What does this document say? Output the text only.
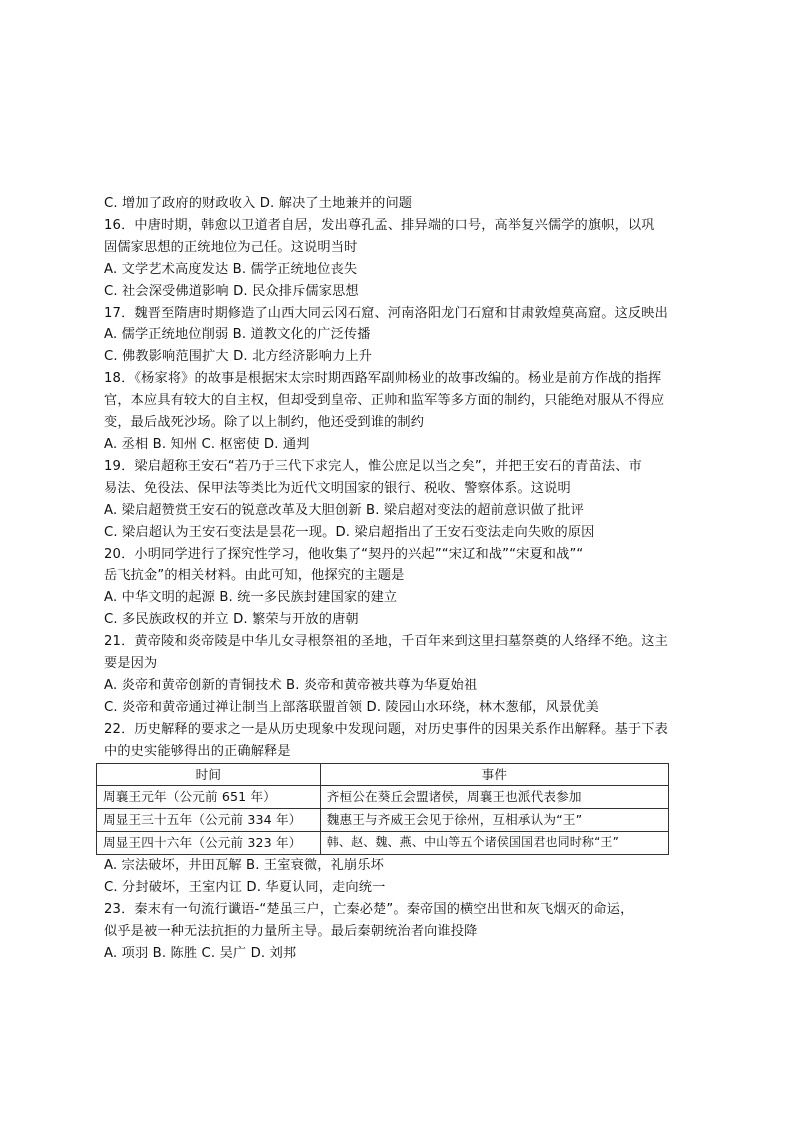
C. 增加了政府的财政收入 D. 解决了土地兼并的问题
16．中唐时期，韩愈以卫道者自居，发出尊孔孟、排异端的口号，高举复兴儒学的旗帜，以巩
固儒家思想的正统地位为己任。这说明当时
A. 文学艺术高度发达 B. 儒学正统地位丧失
C. 社会深受佛道影响 D. 民众排斥儒家思想
17．魏晋至隋唐时期修造了山西大同云冈石窟、河南洛阳龙门石窟和甘肃敦煌莫高窟。这反映出
A. 儒学正统地位削弱 B. 道教文化的广泛传播
C. 佛教影响范围扩大 D. 北方经济影响力上升
18．《杨家将》的故事是根据宋太宗时期西路军副帅杨业的故事改编的。杨业是前方作战的指挥
官，本应具有较大的自主权，但却受到皇帝、正帅和监军等多方面的制约，只能绝对服从不得应
变，最后战死沙场。除了以上制约，他还受到谁的制约
A. 丞相 B. 知州 C. 枢密使 D. 通判
19．梁启超称王安石“若乃于三代下求完人，惟公庶足以当之矣”，并把王安石的青苗法、市
易法、免役法、保甲法等类比为近代文明国家的银行、税收、警察体系。这说明
A. 梁启超赞赏王安石的锐意改革及大胆创新 B. 梁启超对变法的超前意识做了批评
C. 梁启超认为王安石变法是昙花一现。D. 梁启超指出了王安石变法走向失败的原因
20．小明同学进行了探究性学习，他收集了“契丹的兴起”“宋辽和战”“宋夏和战”“
岳飞抗金”的相关材料。由此可知，他探究的主题是
A. 中华文明的起源 B. 统一多民族封建国家的建立
C. 多民族政权的并立 D. 繁荣与开放的唐朝
21．黄帝陵和炎帝陵是中华儿女寻根祭祖的圣地，千百年来到这里扫墓祭奠的人络绎不绝。这主
要是因为
A. 炎帝和黄帝创新的青铜技术 B. 炎帝和黄帝被共尊为华夏始祖
C. 炎帝和黄帝通过禅让制当上部落联盟首领 D. 陵园山水环绕，林木葱郁，风景优美
22．历史解释的要求之一是从历史现象中发现问题，对历史事件的因果关系作出解释。基于下表
中的史实能够得出的正确解释是
时间	事件
周襄王元年（公元前 651 年）	齐桓公在葵丘会盟诸侯，周襄王也派代表参加
周显王三十五年（公元前 334 年）	魏惠王与齐威王会见于徐州，互相承认为“王”
周显王四十六年（公元前 323 年）	韩、赵、魏、燕、中山等五个诸侯国国君也同时称“王”
A. 宗法破坏，井田瓦解 B. 王室衰微，礼崩乐坏
C. 分封破坏，王室内讧 D. 华夏认同，走向统一
23．秦末有一句流行谶语-“楚虽三户，亡秦必楚”。秦帝国的横空出世和灰飞烟灭的命运，
似乎是被一种无法抗拒的力量所主导。最后秦朝统治者向谁投降
A. 项羽 B. 陈胜 C. 吴广 D. 刘邦
